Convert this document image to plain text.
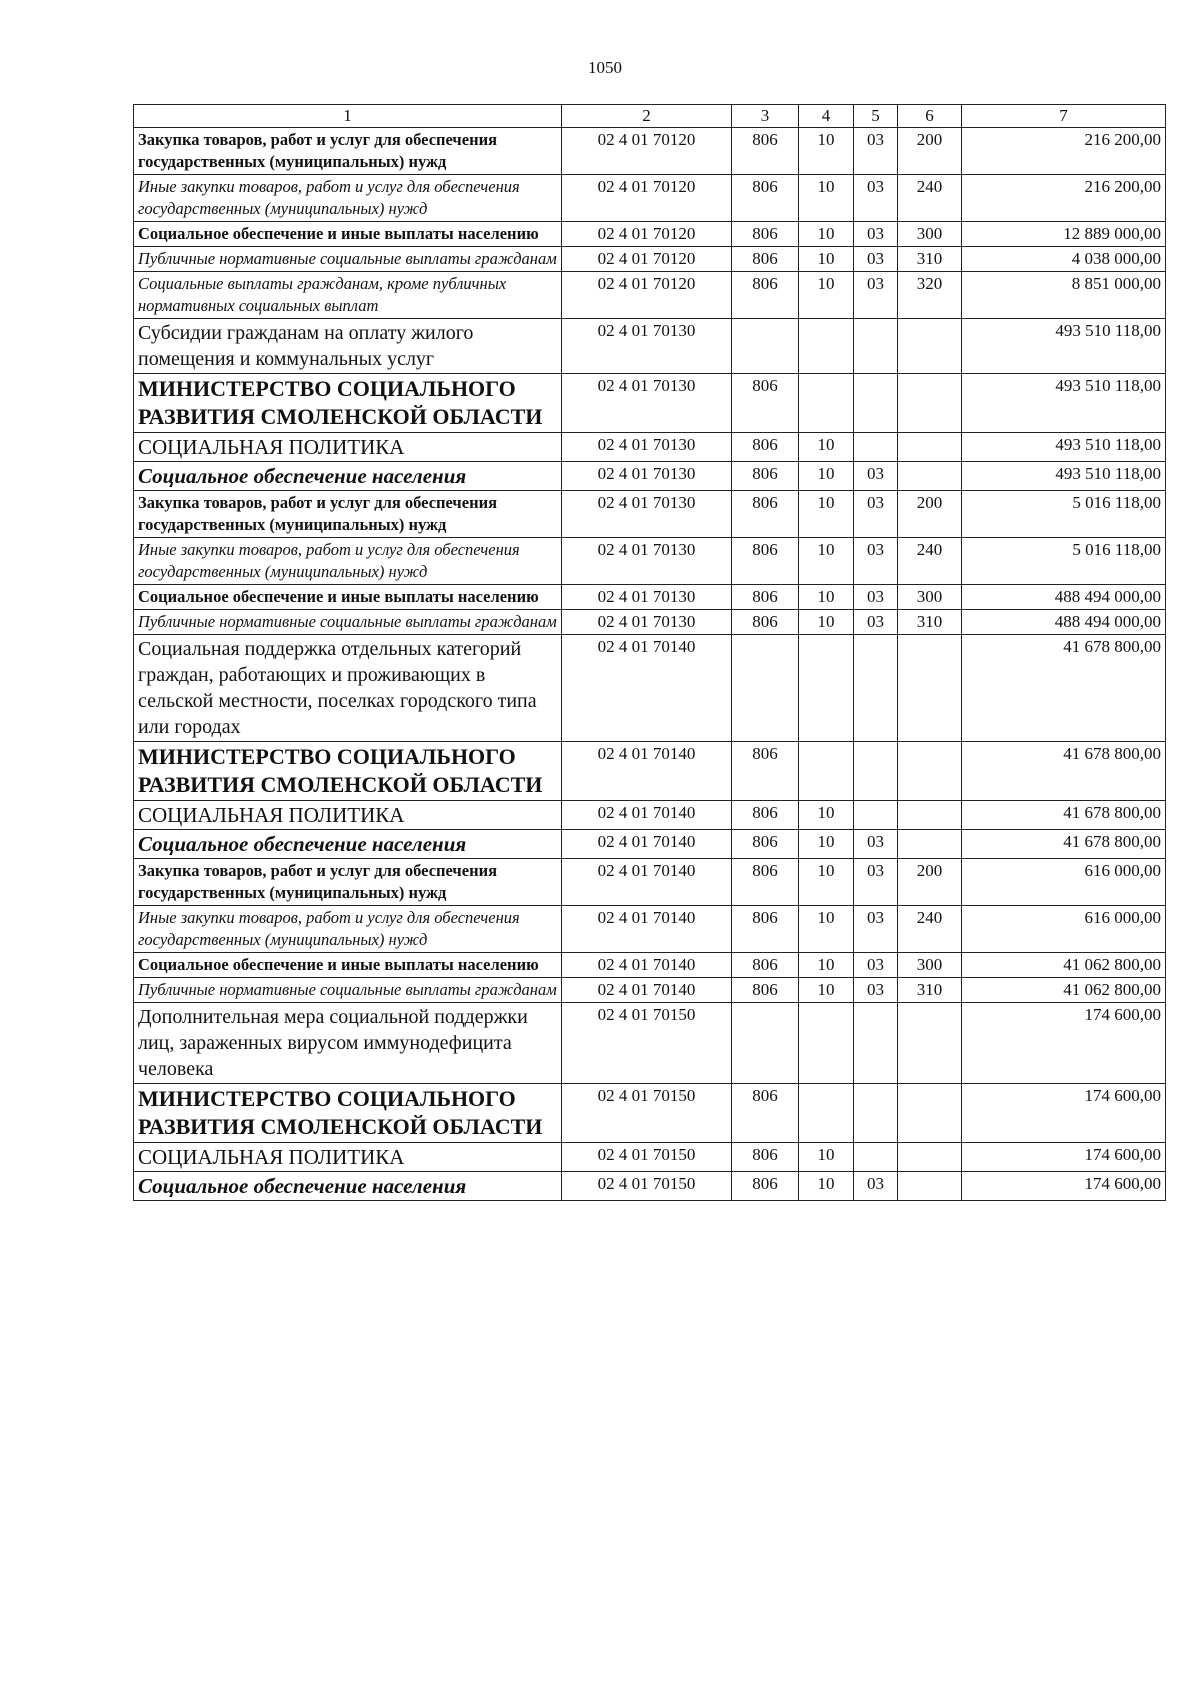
1050
1	2	3	4	5	6	7
Закупка товаров, работ и услуг для обеспечения государственных (муниципальных) нужд	02 4 01 70120	806	10	03	200	216 200,00
Иные закупки товаров, работ и услуг для обеспечения государственных (муниципальных) нужд	02 4 01 70120	806	10	03	240	216 200,00
Социальное обеспечение и иные выплаты населению	02 4 01 70120	806	10	03	300	12 889 000,00
Публичные нормативные социальные выплаты гражданам	02 4 01 70120	806	10	03	310	4 038 000,00
Социальные выплаты гражданам, кроме публичных нормативных социальных выплат	02 4 01 70120	806	10	03	320	8 851 000,00
Субсидии гражданам на оплату жилого помещения и коммунальных услуг	02 4 01 70130					493 510 118,00
МИНИСТЕРСТВО СОЦИАЛЬНОГО РАЗВИТИЯ СМОЛЕНСКОЙ ОБЛАСТИ	02 4 01 70130	806				493 510 118,00
СОЦИАЛЬНАЯ ПОЛИТИКА	02 4 01 70130	806	10			493 510 118,00
Социальное обеспечение населения	02 4 01 70130	806	10	03		493 510 118,00
Закупка товаров, работ и услуг для обеспечения государственных (муниципальных) нужд	02 4 01 70130	806	10	03	200	5 016 118,00
Иные закупки товаров, работ и услуг для обеспечения государственных (муниципальных) нужд	02 4 01 70130	806	10	03	240	5 016 118,00
Социальное обеспечение и иные выплаты населению	02 4 01 70130	806	10	03	300	488 494 000,00
Публичные нормативные социальные выплаты гражданам	02 4 01 70130	806	10	03	310	488 494 000,00
Социальная поддержка отдельных категорий граждан, работающих и проживающих в сельской местности, поселках городского типа или городах	02 4 01 70140					41 678 800,00
МИНИСТЕРСТВО СОЦИАЛЬНОГО РАЗВИТИЯ СМОЛЕНСКОЙ ОБЛАСТИ	02 4 01 70140	806				41 678 800,00
СОЦИАЛЬНАЯ ПОЛИТИКА	02 4 01 70140	806	10			41 678 800,00
Социальное обеспечение населения	02 4 01 70140	806	10	03		41 678 800,00
Закупка товаров, работ и услуг для обеспечения государственных (муниципальных) нужд	02 4 01 70140	806	10	03	200	616 000,00
Иные закупки товаров, работ и услуг для обеспечения государственных (муниципальных) нужд	02 4 01 70140	806	10	03	240	616 000,00
Социальное обеспечение и иные выплаты населению	02 4 01 70140	806	10	03	300	41 062 800,00
Публичные нормативные социальные выплаты гражданам	02 4 01 70140	806	10	03	310	41 062 800,00
Дополнительная мера социальной поддержки лиц, зараженных вирусом иммунодефицита человека	02 4 01 70150					174 600,00
МИНИСТЕРСТВО СОЦИАЛЬНОГО РАЗВИТИЯ СМОЛЕНСКОЙ ОБЛАСТИ	02 4 01 70150	806				174 600,00
СОЦИАЛЬНАЯ ПОЛИТИКА	02 4 01 70150	806	10			174 600,00
Социальное обеспечение населения	02 4 01 70150	806	10	03		174 600,00
